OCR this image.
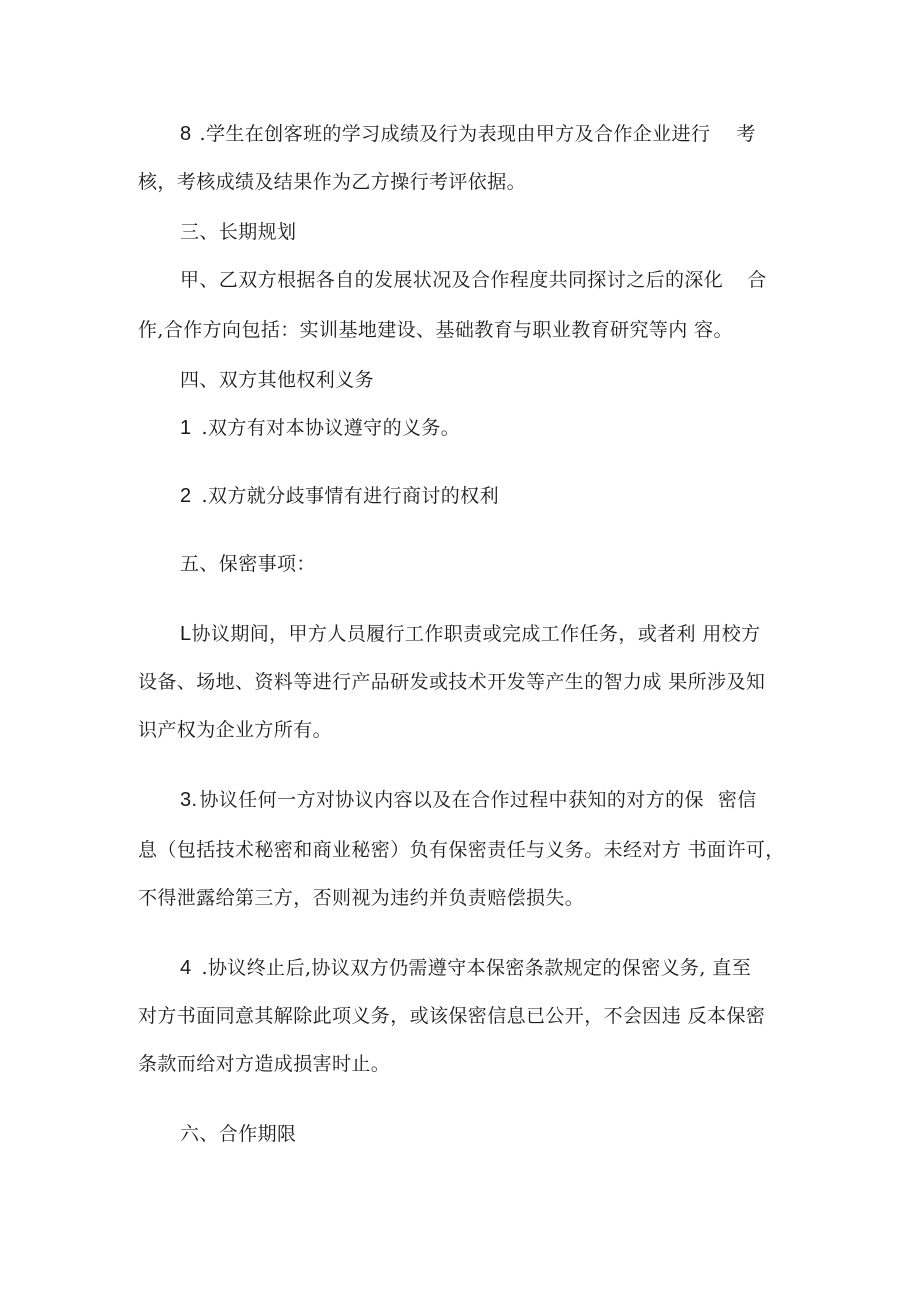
8 .学生在创客班的学习成绩及行为表现由甲方及合作企业进行 考
核，考核成绩及结果作为乙方操行考评依据。
三、长期规划
甲、乙双方根据各自的发展状况及合作程度共同探讨之后的深化 合
作,合作方向包括：实训基地建设、基础教育与职业教育研究等内 容。
四、双方其他权利义务
1 .双方有对本协议遵守的义务。
2 .双方就分歧事情有进行商讨的权利
五、保密事项：
L协议期间，甲方人员履行工作职责或完成工作任务，或者利 用校方
设备、场地、资料等进行产品研发或技术开发等产生的智力成 果所涉及知
识产权为企业方所有。
3. 协议任何一方对协议内容以及在合作过程中获知的对方的保 密信
息（包括技术秘密和商业秘密）负有保密责任与义务。未经对方 书面许可，
不得泄露给第三方，否则视为违约并负责赔偿损失。
4 .协议终止后,协议双方仍需遵守本保密条款规定的保密义务, 直至
对方书面同意其解除此项义务，或该保密信息已公开，不会因违 反本保密
条款而给对方造成损害时止。
六、合作期限
